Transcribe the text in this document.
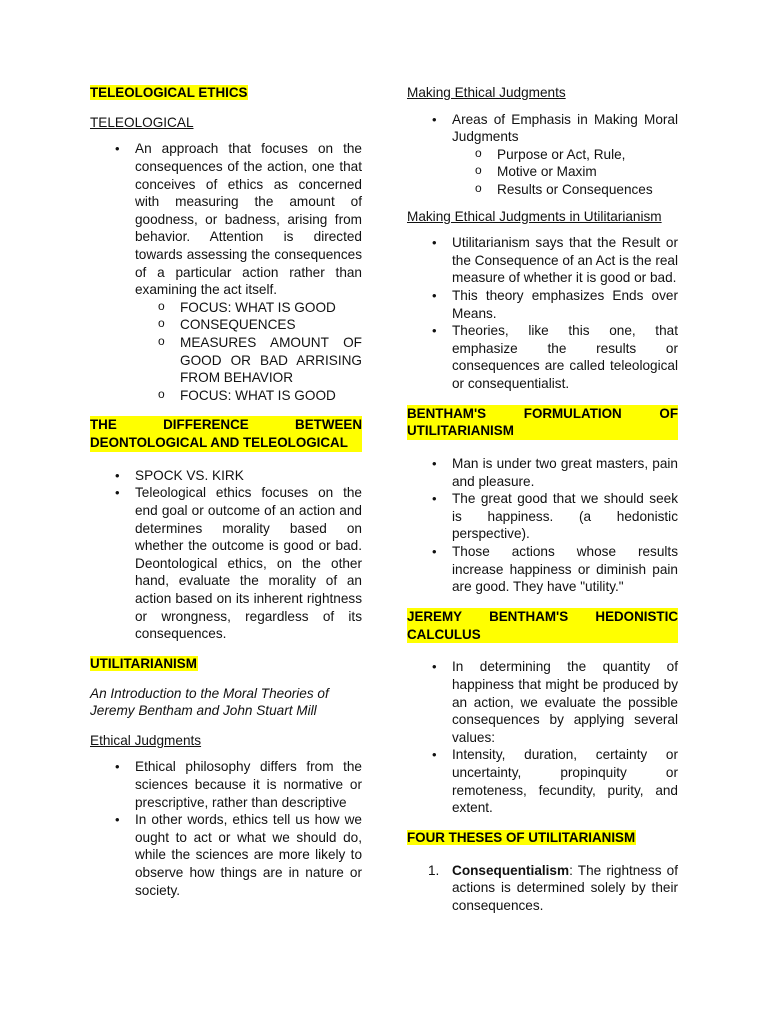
TELEOLOGICAL ETHICS
TELEOLOGICAL
• An approach that focuses on the consequences of the action, one that conceives of ethics as concerned with measuring the amount of goodness, or badness, arising from behavior. Attention is directed towards assessing the consequences of a particular action rather than examining the act itself.
o FOCUS: WHAT IS GOOD
o CONSEQUENCES
o MEASURES AMOUNT OF GOOD OR BAD ARRISING FROM BEHAVIOR
o FOCUS: WHAT IS GOOD
THE DIFFERENCE BETWEEN DEONTOLOGICAL AND TELEOLOGICAL
• SPOCK VS. KIRK
• Teleological ethics focuses on the end goal or outcome of an action and determines morality based on whether the outcome is good or bad. Deontological ethics, on the other hand, evaluate the morality of an action based on its inherent rightness or wrongness, regardless of its consequences.
UTILITARIANISM
An Introduction to the Moral Theories of Jeremy Bentham and John Stuart Mill
Ethical Judgments
• Ethical philosophy differs from the sciences because it is normative or prescriptive, rather than descriptive
• In other words, ethics tell us how we ought to act or what we should do, while the sciences are more likely to observe how things are in nature or society.
Making Ethical Judgments
• Areas of Emphasis in Making Moral Judgments
o Purpose or Act, Rule,
o Motive or Maxim
o Results or Consequences
Making Ethical Judgments in Utilitarianism
• Utilitarianism says that the Result or the Consequence of an Act is the real measure of whether it is good or bad.
• This theory emphasizes Ends over Means.
• Theories, like this one, that emphasize the results or consequences are called teleological or consequentialist.
BENTHAM'S FORMULATION OF UTILITARIANISM
• Man is under two great masters, pain and pleasure.
• The great good that we should seek is happiness. (a hedonistic perspective).
• Those actions whose results increase happiness or diminish pain are good. They have "utility."
JEREMY BENTHAM'S HEDONISTIC CALCULUS
• In determining the quantity of happiness that might be produced by an action, we evaluate the possible consequences by applying several values:
• Intensity, duration, certainty or uncertainty, propinquity or remoteness, fecundity, purity, and extent.
FOUR THESES OF UTILITARIANISM
1. Consequentialism: The rightness of actions is determined solely by their consequences.
